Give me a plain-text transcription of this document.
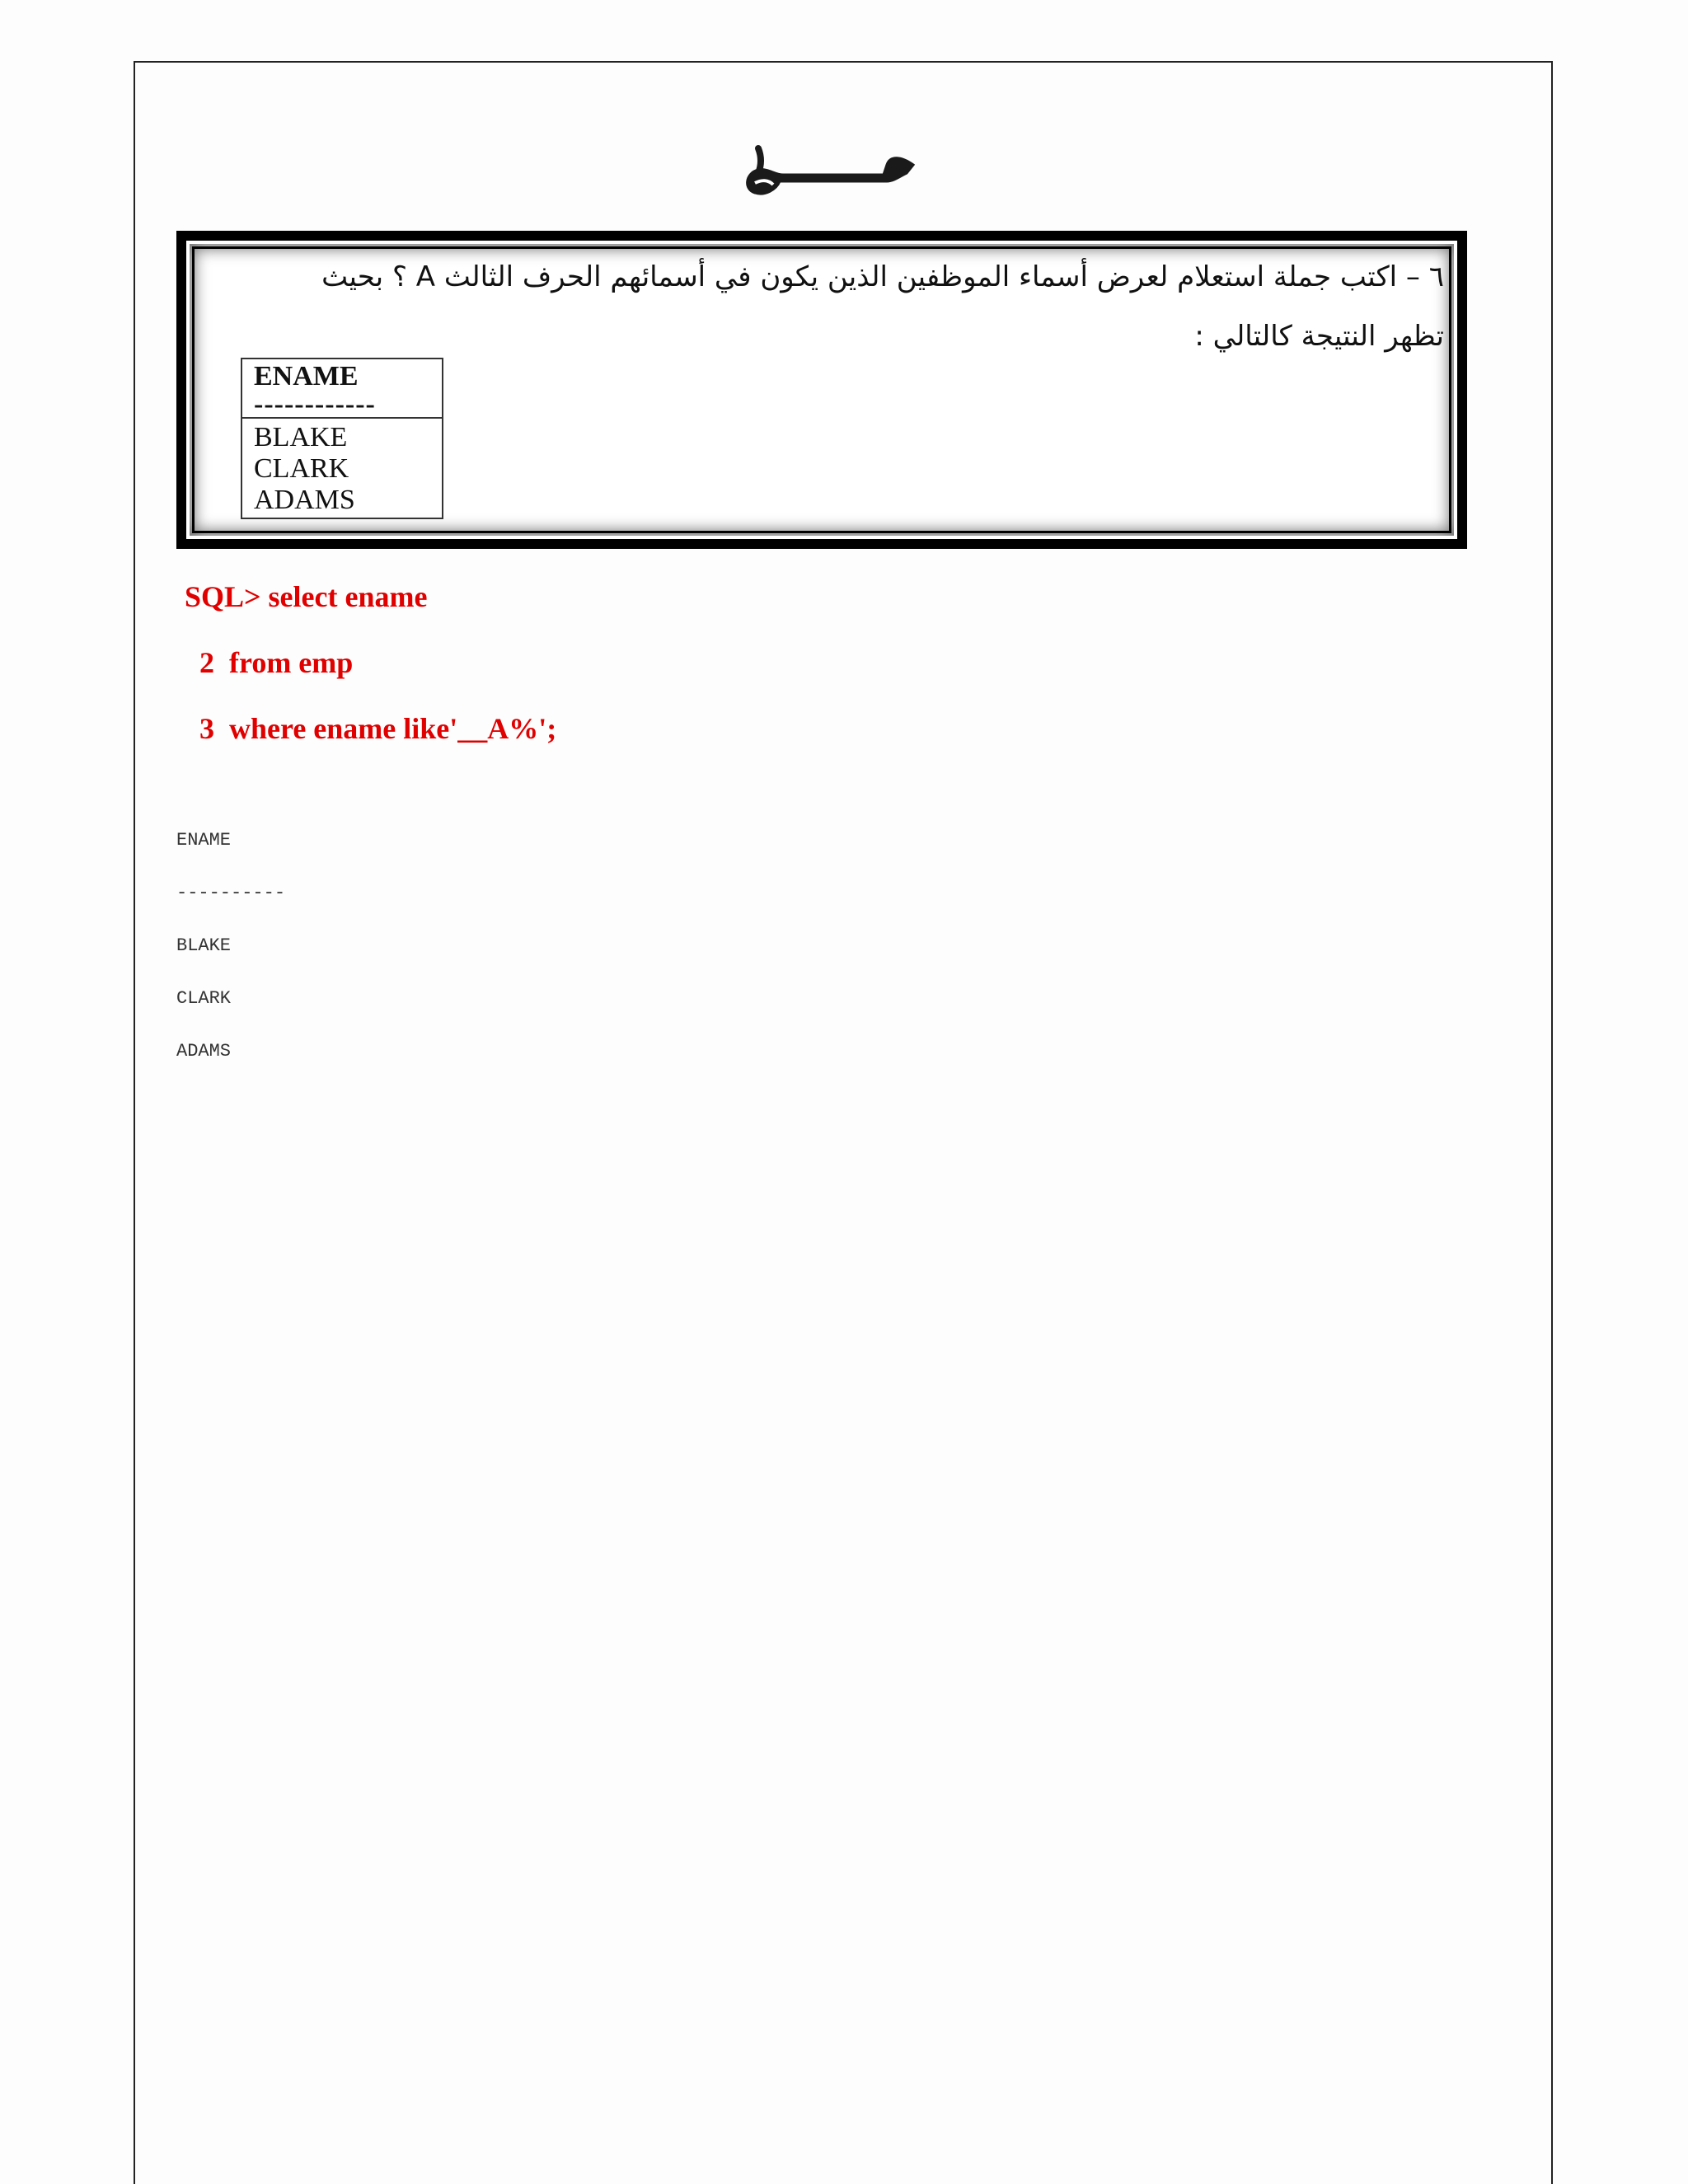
٦ – اكتب جملة استعلام لعرض أسماء الموظفين الذين يكون في أسمائهم الحرف الثالث A ؟ بحيث
تظهر النتيجة كالتالي :
ENAME
------------
BLAKE
CLARK
ADAMS
SQL> select ename
2  from emp
3  where ename like'__A%';
ENAME
----------
BLAKE
CLARK
ADAMS
